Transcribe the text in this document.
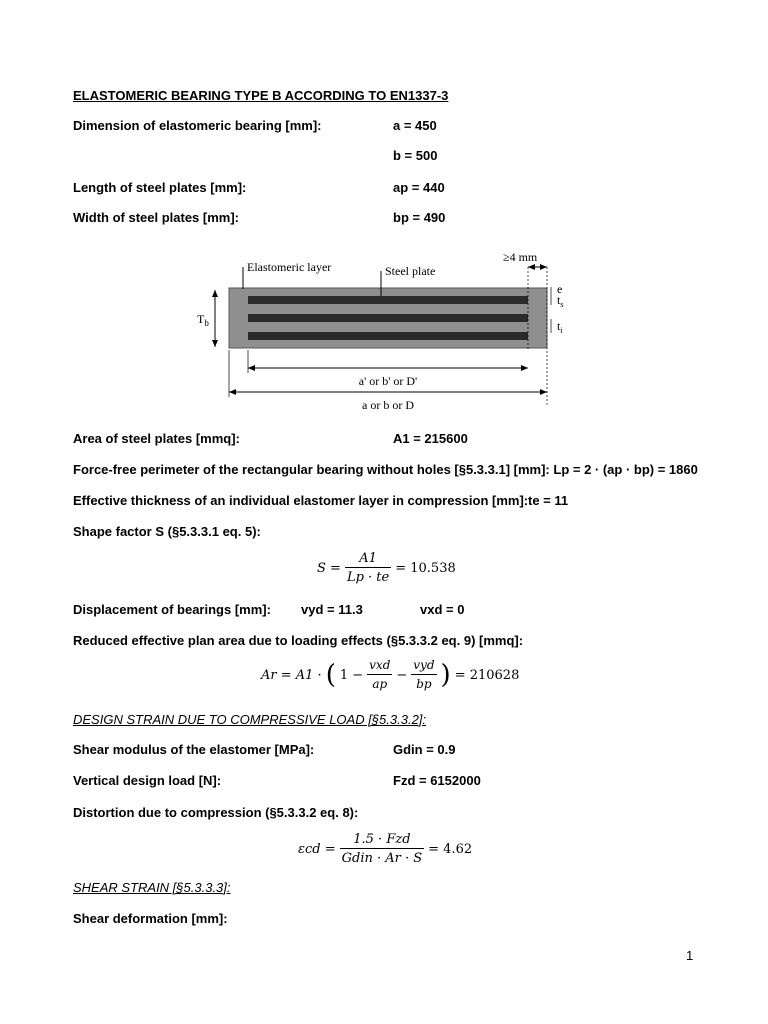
ELASTOMERIC BEARING TYPE B ACCORDING TO EN1337-3
Dimension of elastomeric bearing [mm]:	a = 450
b = 500
Length of steel plates [mm]:	ap = 440
Width of steel plates [mm]:	bp = 490
Elastomeric layer	Steel plate
≥4 mm
$T_b$
e
$t_s$
$t_i$
a' or b' or D'
a or b or D
Area of steel plates [mmq]:	A1 = 215600
Force-free perimeter of the rectangular bearing without holes [§5.3.3.1] [mm]: Lp = 2 · (ap · bp) = 1860
Effective thickness of an individual elastomer layer in compression [mm]: te = 11
Shape factor S (§5.3.3.1 eq. 5):
$S = \frac{A1}{Lp \cdot te} = 10.538$
Displacement of bearings [mm]: vyd = 11.3	vxd = 0
Reduced effective plan area due to loading effects (§5.3.3.2 eq. 9) [mmq]:
Ar = A1 · ( $1 - \frac{\text{vxd}}{ap} - \frac{\text{vyd}}{bp}$ ) = 210628
DESIGN STRAIN DUE TO COMPRESSIVE LOAD [§5.3.3.2]:
Shear modulus of the elastomer [MPa]:	Gdin = 0.9
Vertical design load [N]:	Fzd = 6152000
Distortion due to compression (§5.3.3.2 eq. 8):
$\varepsilon cd = \frac{\text{1.5 · Fzd}}{\text{Gdin · Ar · S}} = 4.62$
SHEAR STRAIN [§5.3.3.3]:
Shear deformation [mm]:
1
